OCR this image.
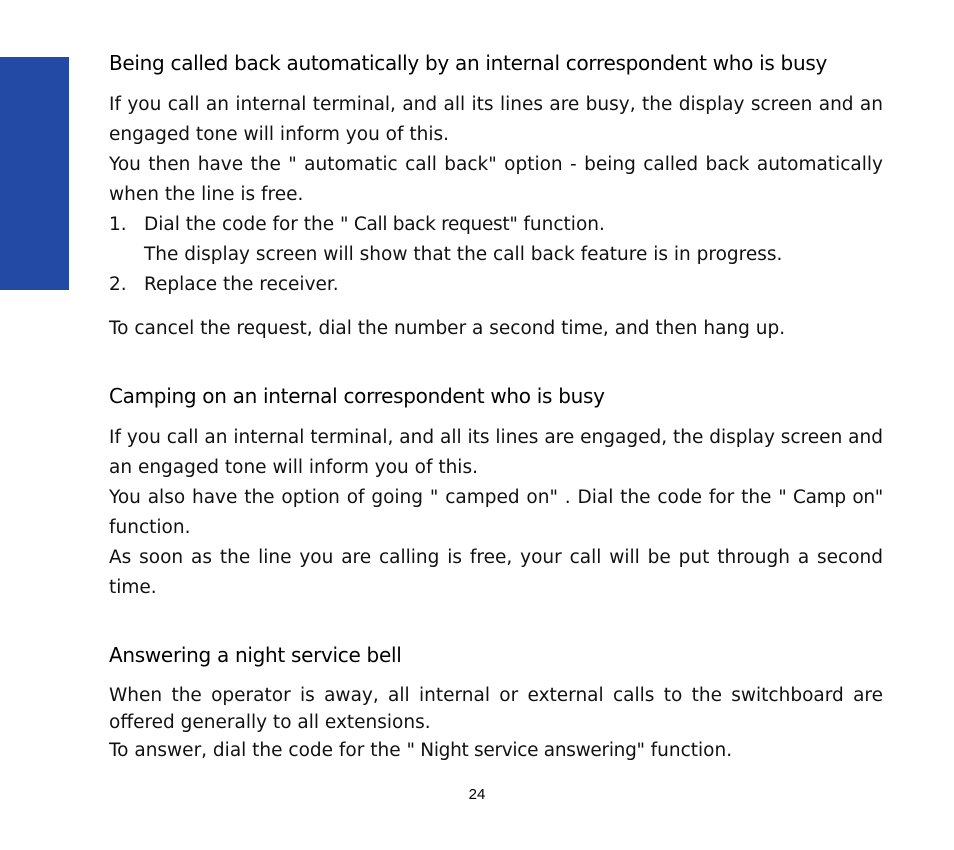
Being called back automatically by an internal correspondent who is busy

If you call an internal terminal, and all its lines are busy, the display screen and an engaged tone will inform you of this.

You then have the " automatic call back" option - being called back automatically when the line is free.

1. Dial the code for the " Call back request" function.
The display screen will show that the call back feature is in progress.
2. Replace the receiver.

To cancel the request, dial the number a second time, and then hang up.

Camping on an internal correspondent who is busy

If you call an internal terminal, and all its lines are engaged, the display screen and an engaged tone will inform you of this.

You also have the option of going " camped on" . Dial the code for the " Camp on" function.

As soon as the line you are calling is free, your call will be put through a second time.

Answering a night service bell

When the operator is away, all internal or external calls to the switchboard are offered generally to all extensions.

To answer, dial the code for the " Night service answering" function.

24
